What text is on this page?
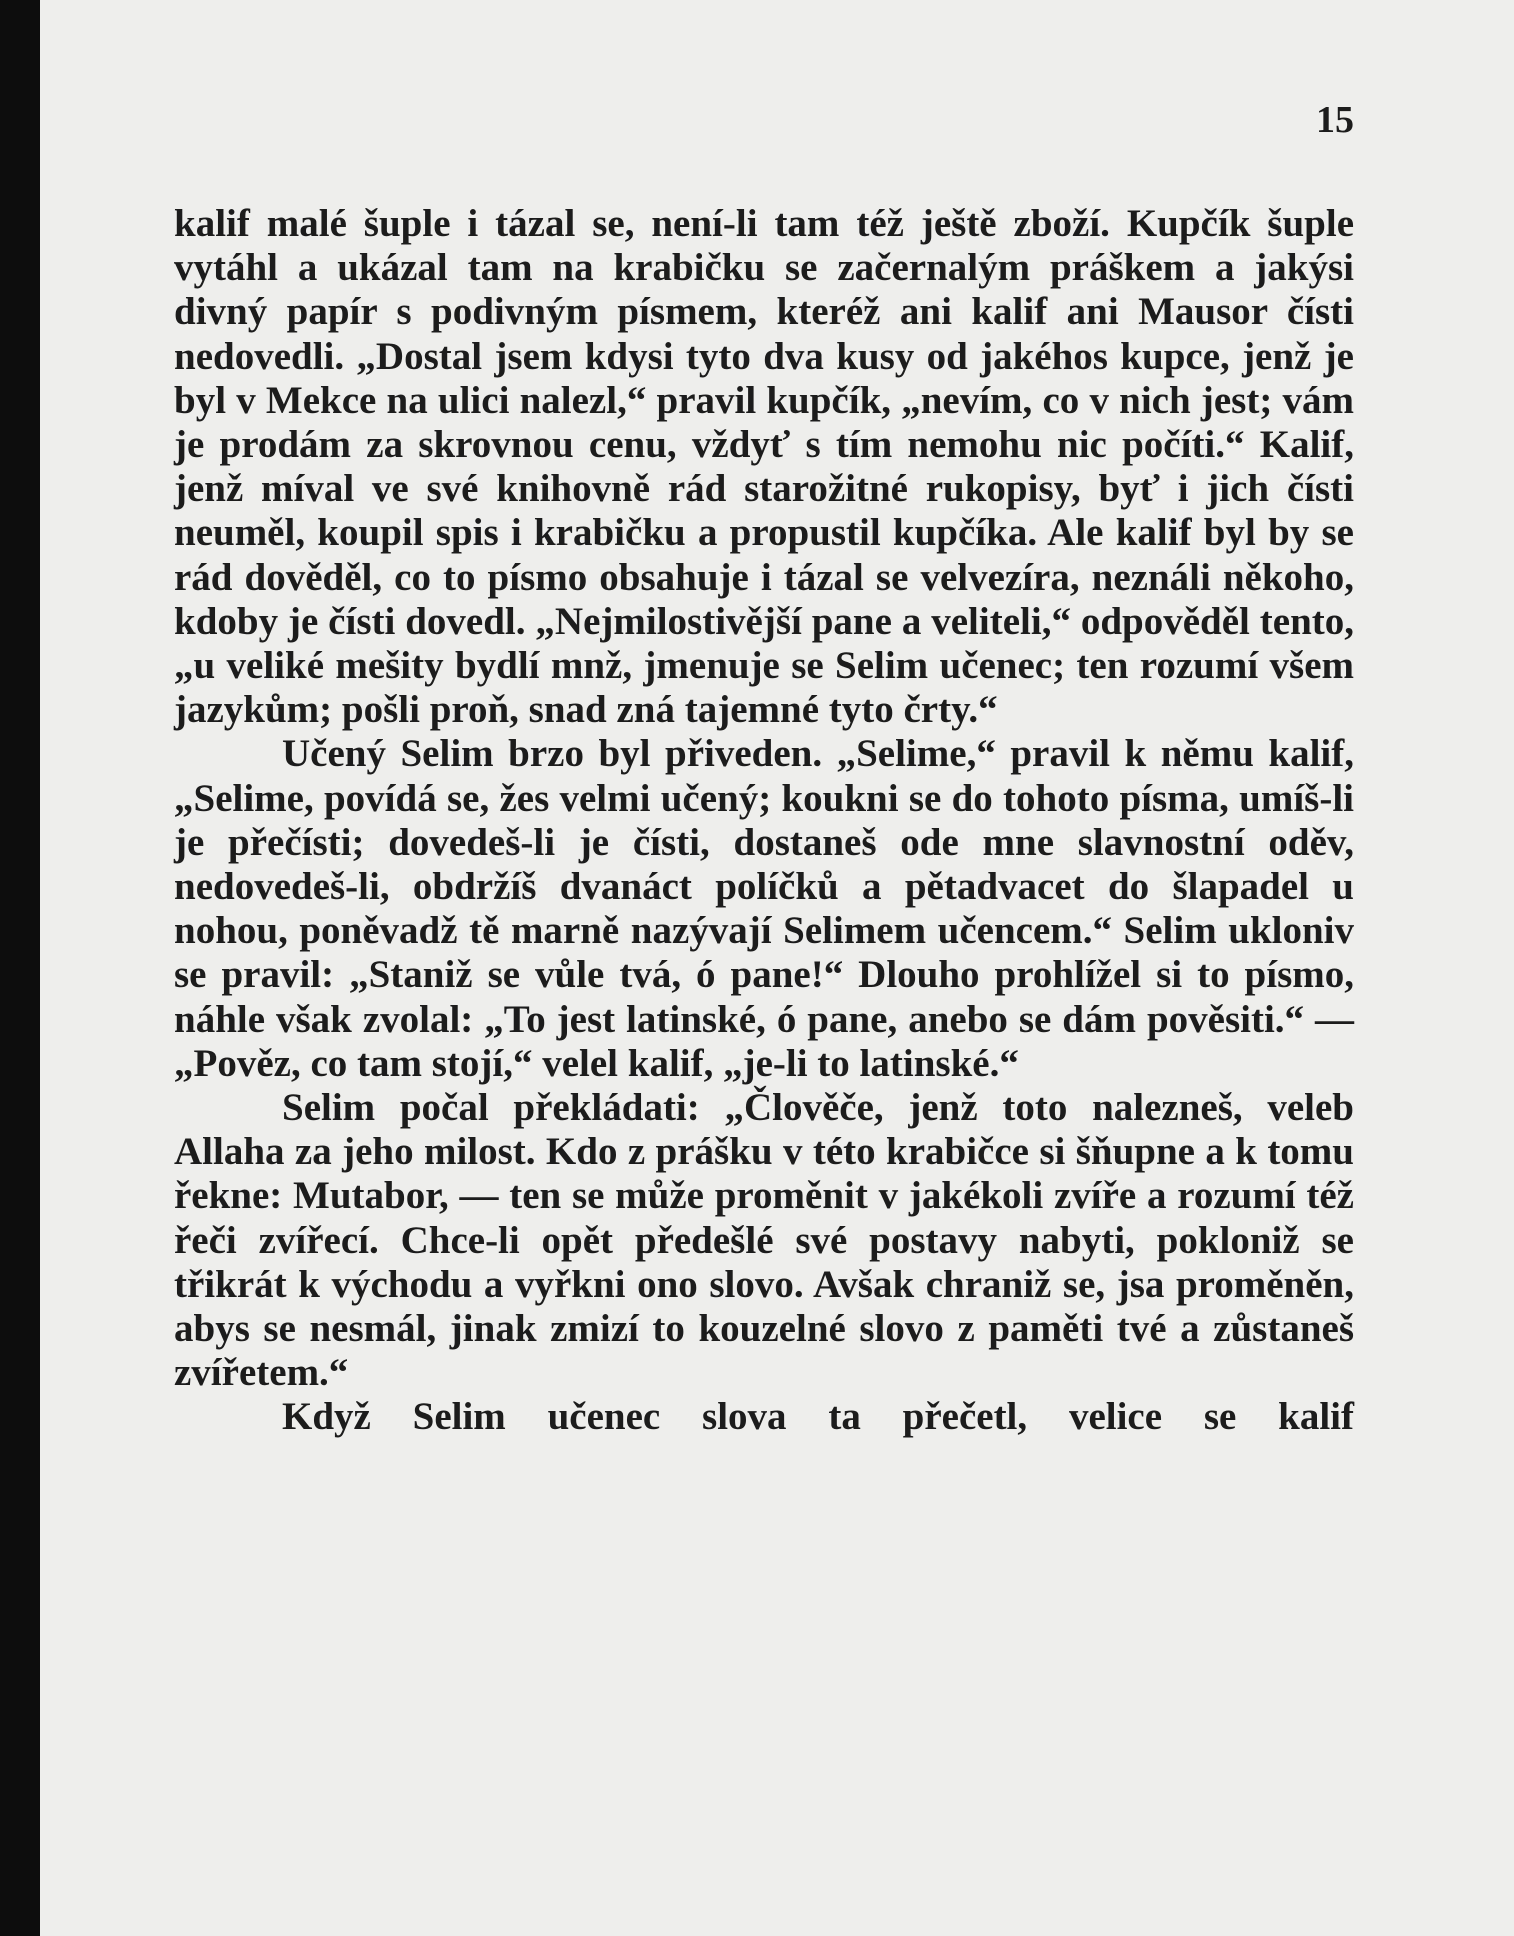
15

kalif malé šuple i tázal se, není-li tam též ještě zboží. Kupčík šuple vytáhl a ukázal tam na krabičku se začernalým práškem a jakýsi divný papír s podivným písmem, kteréž ani kalif ani Mausor čísti nedovedli. „Dostal jsem kdysi tyto dva kusy od jakéhos kupce, jenž je byl v Mekce na ulici nalezl,“ pravil kupčík, „nevím, co v nich jest; vám je prodám za skrovnou cenu, vždyť s tím nemohu nic počíti.“ Kalif, jenž míval ve své knihovně rád starožitné rukopisy, byť i jich čísti neuměl, koupil spis i krabičku a propustil kupčíka. Ale kalif byl by se rád dověděl, co to písmo obsahuje i tázal se velvezíra, neználi někoho, kdoby je čísti dovedl. „Nejmilostivější pane a veliteli,“ odpověděl tento, „u veliké mešity bydlí mnž, jmenuje se Selim učenec; ten rozumí všem jazykům; pošli proň, snad zná tajemné tyto črty.“

Učený Selim brzo byl přiveden. „Selime,“ pravil k němu kalif, „Selime, povídá se, žes velmi učený; koukni se do tohoto písma, umíš-li je přečísti; dovedeš-li je čísti, dostaneš ode mne slavnostní oděv, nedovedeš-li, obdržíš dvanáct políčků a pětadvacet do šlapadel u nohou, poněvadž tě marně nazývají Selimem učencem.“ Selim ukloniv se pravil: „Staniž se vůle tvá, ó pane!“ Dlouho prohlížel si to písmo, náhle však zvolal: „To jest latinské, ó pane, anebo se dám pověsiti.“ — „Pověz, co tam stojí,“ velel kalif, „je-li to latinské.“

Selim počal překládati: „Člověče, jenž toto nalezneš, veleb Allaha za jeho milost. Kdo z prášku v této krabičce si šňupne a k tomu řekne: Mutabor, — ten se může proměnit v jakékoli zvíře a rozumí též řeči zvířecí. Chce-li opět předešlé své postavy nabyti, pokloniž se třikrát k východu a vyřkni ono slovo. Avšak chraniž se, jsa proměněn, abys se nesmál, jinak zmizí to kouzelné slovo z paměti tvé a zůstaneš zvířetem.“

Když Selim učenec slova ta přečetl, velice se kalif
